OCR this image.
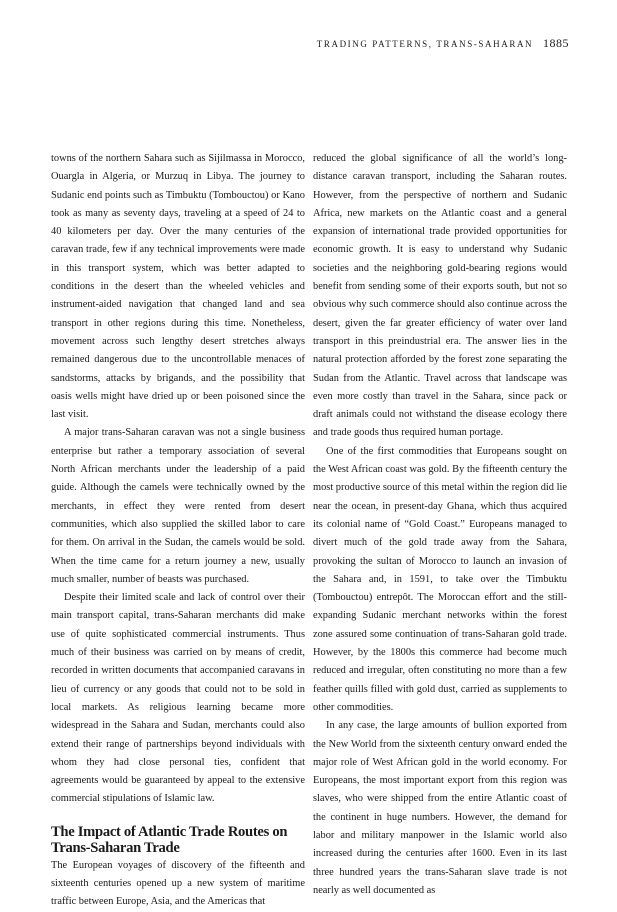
TRADING PATTERNS, TRANS-SAHARAN 1885

towns of the northern Sahara such as Sijilmassa in Morocco, Ouargla in Algeria, or Murzuq in Libya. The journey to Sudanic end points such as Timbuktu (Tombouctou) or Kano took as many as seventy days, traveling at a speed of 24 to 40 kilometers per day. Over the many centuries of the caravan trade, few if any technical improvements were made in this transport system, which was better adapted to conditions in the desert than the wheeled vehicles and instrument-aided navigation that changed land and sea transport in other regions during this time. Nonetheless, movement across such lengthy desert stretches always remained dangerous due to the uncontrollable menaces of sandstorms, attacks by brigands, and the possibility that oasis wells might have dried up or been poisoned since the last visit.

A major trans-Saharan caravan was not a single business enterprise but rather a temporary association of several North African merchants under the leadership of a paid guide. Although the camels were technically owned by the merchants, in effect they were rented from desert communities, which also supplied the skilled labor to care for them. On arrival in the Sudan, the camels would be sold. When the time came for a return journey a new, usually much smaller, number of beasts was purchased.

Despite their limited scale and lack of control over their main transport capital, trans-Saharan merchants did make use of quite sophisticated commercial instruments. Thus much of their business was carried on by means of credit, recorded in written documents that accompanied caravans in lieu of currency or any goods that could not to be sold in local markets. As religious learning became more widespread in the Sahara and Sudan, merchants could also extend their range of partnerships beyond individuals with whom they had close personal ties, confident that agreements would be guaranteed by appeal to the extensive commercial stipulations of Islamic law.

The Impact of Atlantic Trade Routes on Trans-Saharan Trade

The European voyages of discovery of the fifteenth and sixteenth centuries opened up a new system of maritime traffic between Europe, Asia, and the Americas that

reduced the global significance of all the world’s long-distance caravan transport, including the Saharan routes. However, from the perspective of northern and Sudanic Africa, new markets on the Atlantic coast and a general expansion of international trade provided opportunities for economic growth. It is easy to understand why Sudanic societies and the neighboring gold-bearing regions would benefit from sending some of their exports south, but not so obvious why such commerce should also continue across the desert, given the far greater efficiency of water over land transport in this preindustrial era. The answer lies in the natural protection afforded by the forest zone separating the Sudan from the Atlantic. Travel across that landscape was even more costly than travel in the Sahara, since pack or draft animals could not withstand the disease ecology there and trade goods thus required human portage.

One of the first commodities that Europeans sought on the West African coast was gold. By the fifteenth century the most productive source of this metal within the region did lie near the ocean, in present-day Ghana, which thus acquired its colonial name of “Gold Coast.” Europeans managed to divert much of the gold trade away from the Sahara, provoking the sultan of Morocco to launch an invasion of the Sahara and, in 1591, to take over the Timbuktu (Tombouctou) entrepôt. The Moroccan effort and the still-expanding Sudanic merchant networks within the forest zone assured some continuation of trans-Saharan gold trade. However, by the 1800s this commerce had become much reduced and irregular, often constituting no more than a few feather quills filled with gold dust, carried as supplements to other commodities.

In any case, the large amounts of bullion exported from the New World from the sixteenth century onward ended the major role of West African gold in the world economy. For Europeans, the most important export from this region was slaves, who were shipped from the entire Atlantic coast of the continent in huge numbers. However, the demand for labor and military manpower in the Islamic world also increased during the centuries after 1600. Even in its last three hundred years the trans-Saharan slave trade is not nearly as well documented as
